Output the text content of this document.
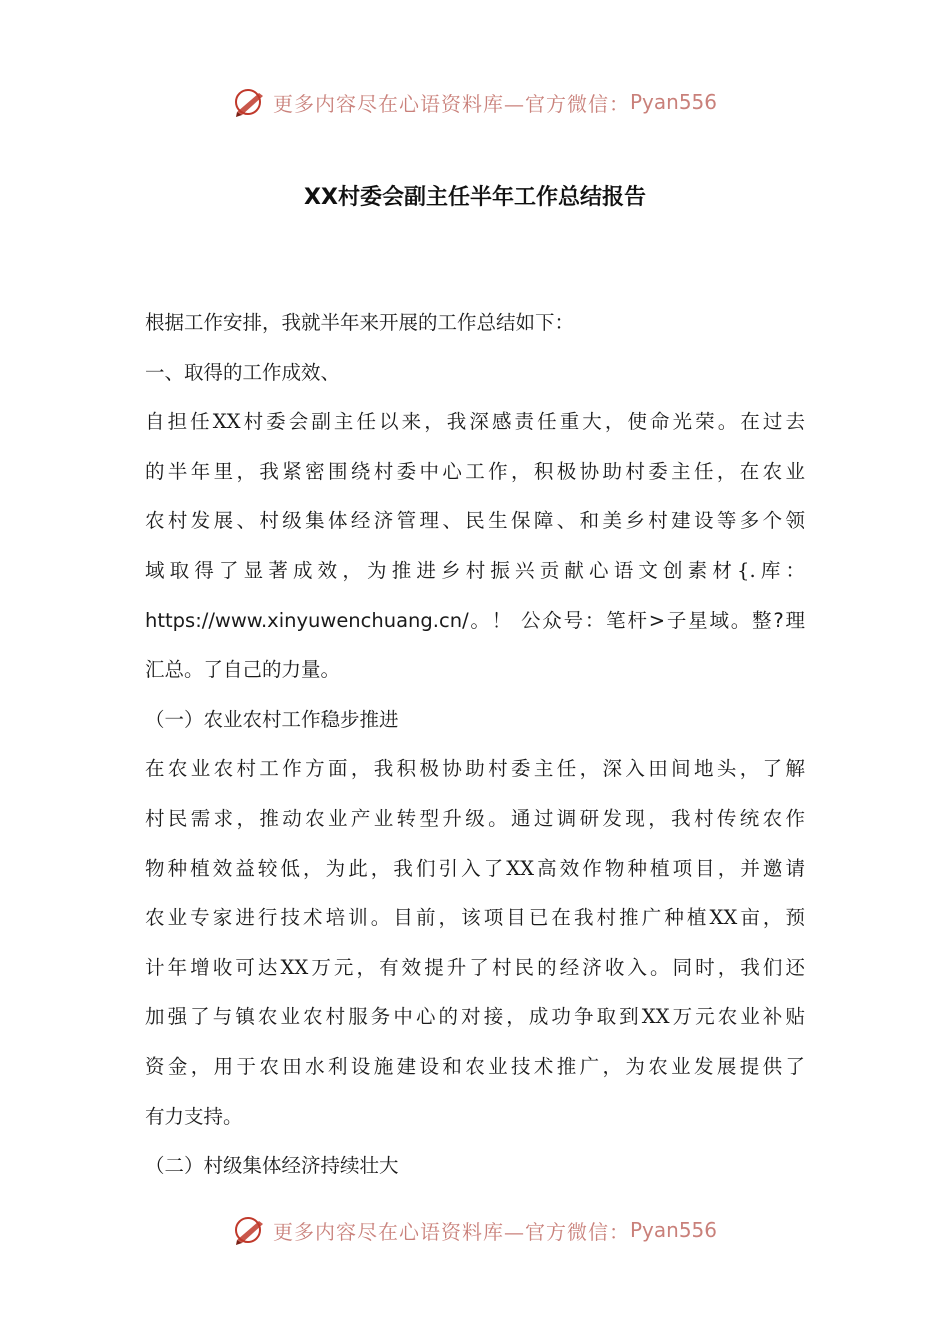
更多内容尽在心语资料库—官方微信： Pyan556
XX村委会副主任半年工作总结报告
根据工作安排，我就半年来开展的工作总结如下：
一、取得的工作成效、
自担任XX村委会副主任以来，我深感责任重大，使命光荣。在过去
的半年里，我紧密围绕村委中心工作，积极协助村委主任，在农业
农村发展、村级集体经济管理、民生保障、和美乡村建设等多个领
域取得了显著成效，为推进乡村振兴贡献心语文创素材{.库：
https://www.xinyuwenchuang.cn/。！ 公众号：笔杆>子星域。整?理
汇总。了自己的力量。
（一）农业农村工作稳步推进
在农业农村工作方面，我积极协助村委主任，深入田间地头，了解
村民需求，推动农业产业转型升级。通过调研发现，我村传统农作
物种植效益较低，为此，我们引入了XX高效作物种植项目，并邀请
农业专家进行技术培训。目前，该项目已在我村推广种植XX亩，预
计年增收可达XX万元，有效提升了村民的经济收入。同时，我们还
加强了与镇农业农村服务中心的对接，成功争取到XX万元农业补贴
资金，用于农田水利设施建设和农业技术推广，为农业发展提供了
有力支持。
（二）村级集体经济持续壮大
更多内容尽在心语资料库—官方微信： Pyan556
